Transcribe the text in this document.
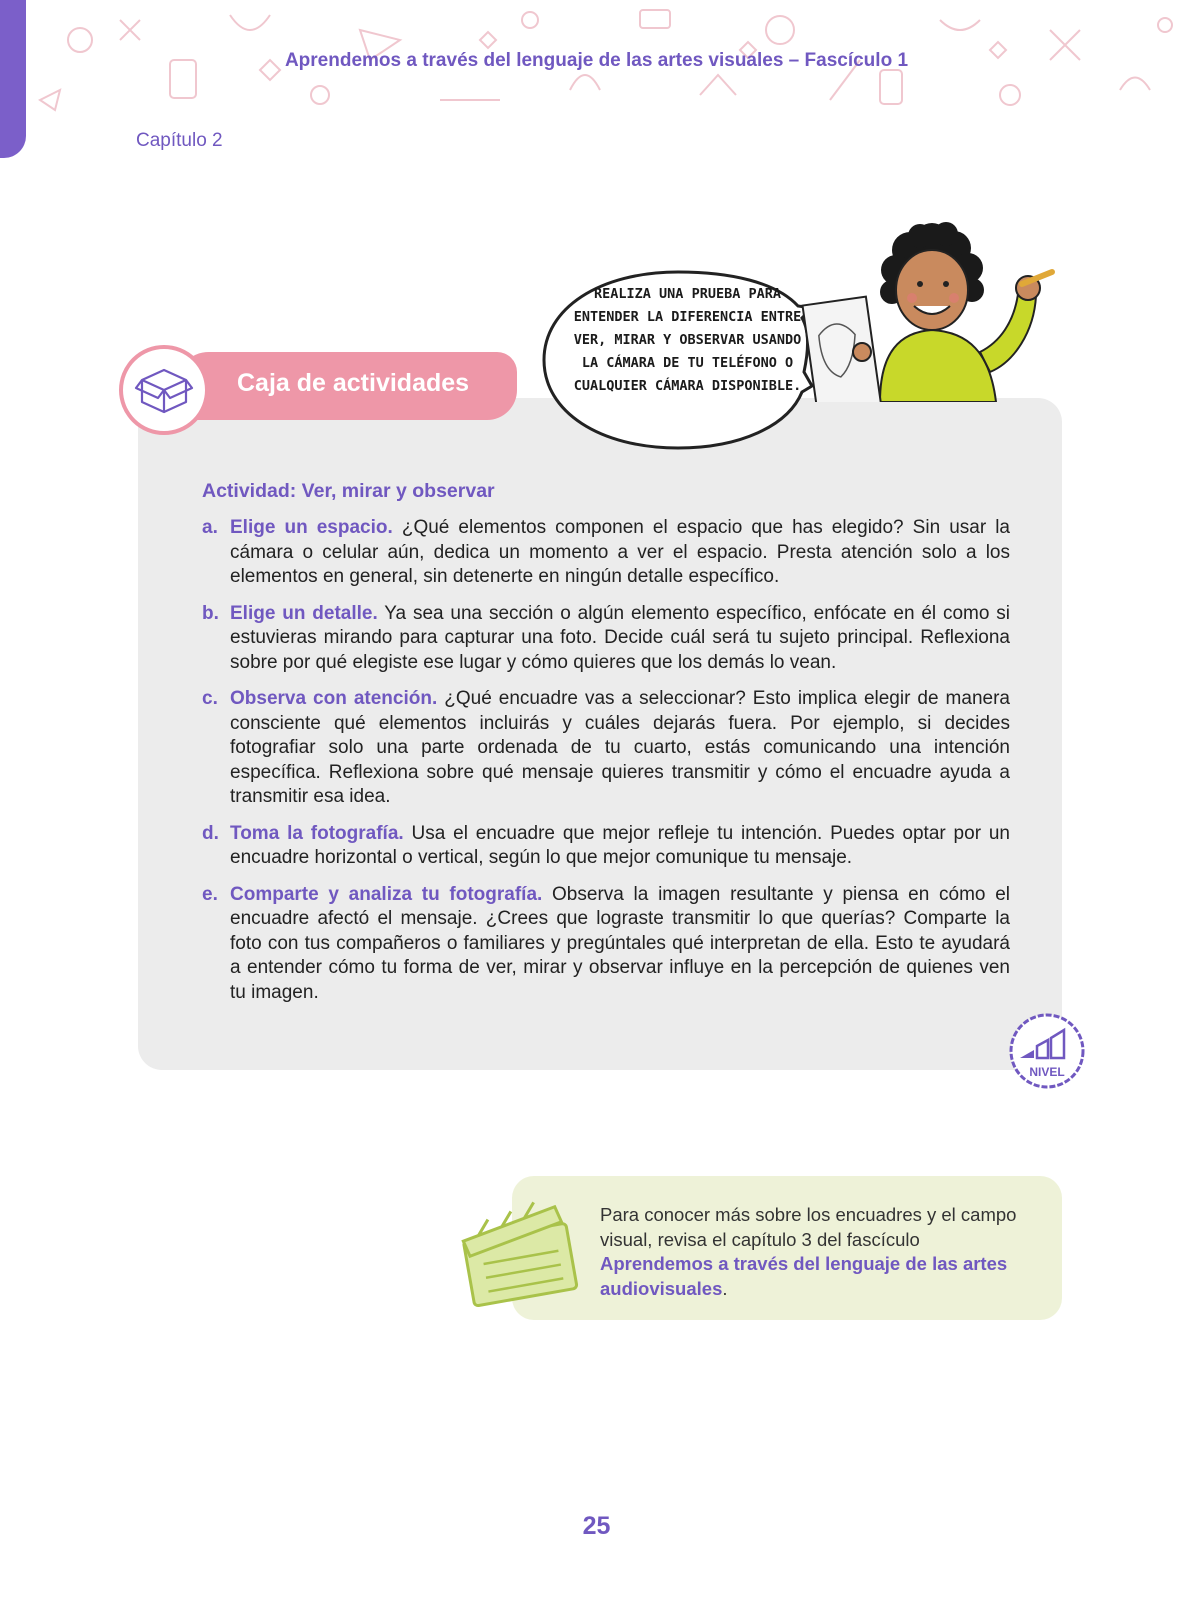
Aprendemos a través del lenguaje de las artes visuales – Fascículo 1
Capítulo 2
Caja de actividades
REALIZA UNA PRUEBA PARA ENTENDER LA DIFERENCIA ENTRE VER, MIRAR Y OBSERVAR USANDO LA CÁMARA DE TU TELÉFONO O CUALQUIER CÁMARA DISPONIBLE.
Actividad: Ver, mirar y observar
a. Elige un espacio. ¿Qué elementos componen el espacio que has elegido? Sin usar la cámara o celular aún, dedica un momento a ver el espacio. Presta atención solo a los elementos en general, sin detenerte en ningún detalle específico.
b. Elige un detalle. Ya sea una sección o algún elemento específico, enfócate en él como si estuvieras mirando para capturar una foto. Decide cuál será tu sujeto principal. Reflexiona sobre por qué elegiste ese lugar y cómo quieres que los demás lo vean.
c. Observa con atención. ¿Qué encuadre vas a seleccionar? Esto implica elegir de manera consciente qué elementos incluirás y cuáles dejarás fuera. Por ejemplo, si decides fotografiar solo una parte ordenada de tu cuarto, estás comunicando una intención específica. Reflexiona sobre qué mensaje quieres transmitir y cómo el encuadre ayuda a transmitir esa idea.
d. Toma la fotografía. Usa el encuadre que mejor refleje tu intención. Puedes optar por un encuadre horizontal o vertical, según lo que mejor comunique tu mensaje.
e. Comparte y analiza tu fotografía. Observa la imagen resultante y piensa en cómo el encuadre afectó el mensaje. ¿Crees que lograste transmitir lo que querías? Comparte la foto con tus compañeros o familiares y pregúntales qué interpretan de ella. Esto te ayudará a entender cómo tu forma de ver, mirar y observar influye en la percepción de quienes ven tu imagen.
NIVEL
Para conocer más sobre los encuadres y el campo visual, revisa el capítulo 3 del fascículo Aprendemos a través del lenguaje de las artes audiovisuales.
25
